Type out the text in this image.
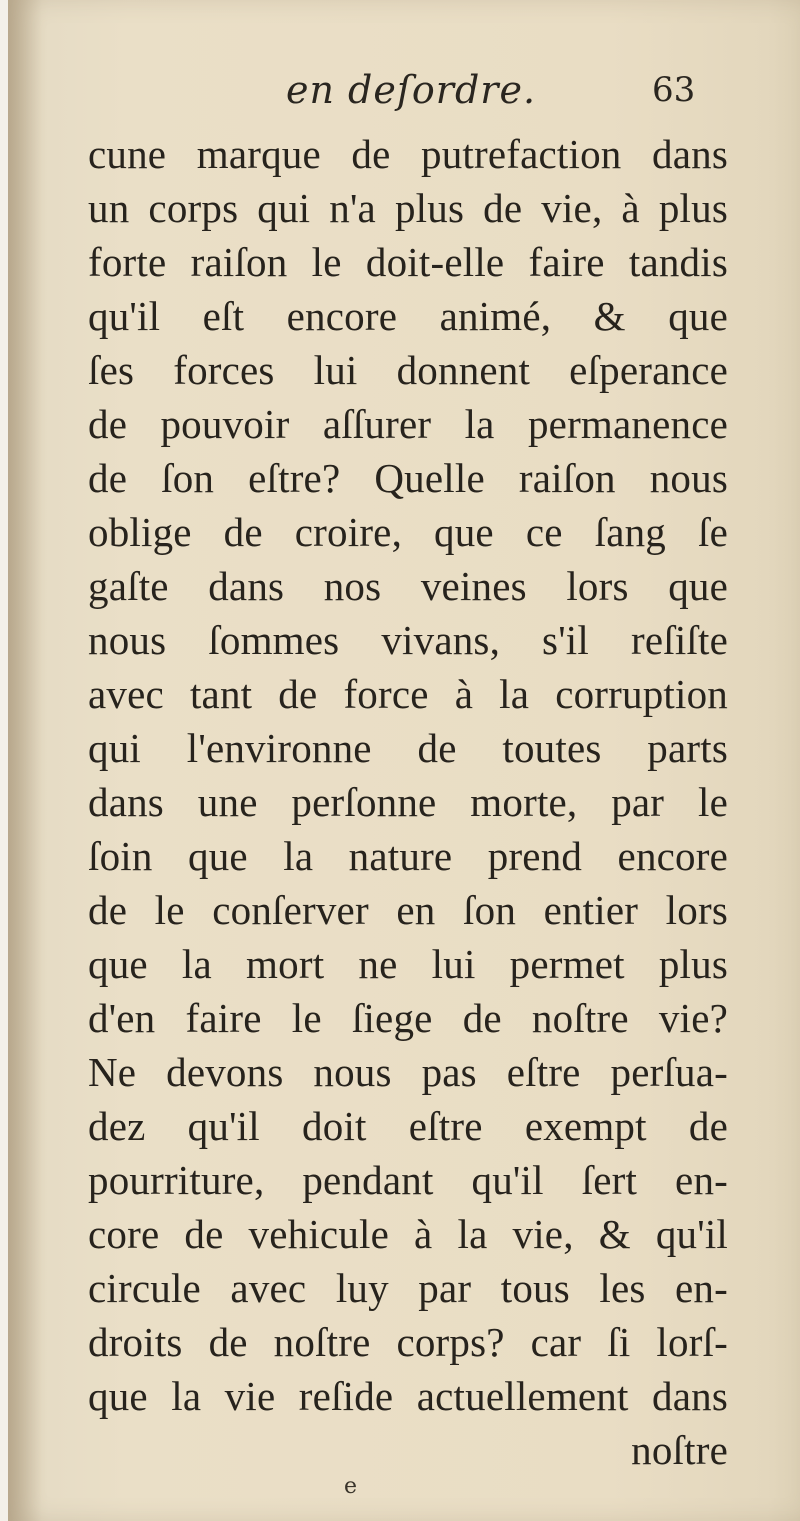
en deſordre.	63
cune marque de putrefaction dans
un corps qui n'a plus de vie, à plus
forte raiſon le doit-elle faire tandis
qu'il eſt encore animé, & que
ſes forces lui donnent eſperance
de pouvoir aſſurer la permanence
de ſon eſtre? Quelle raiſon nous
oblige de croire, que ce ſang ſe
gaſte dans nos veines lors que
nous ſommes vivans, s'il reſiſte
avec tant de force à la corruption
qui l'environne de toutes parts
dans une perſonne morte, par le
ſoin que la nature prend encore
de le conſerver en ſon entier lors
que la mort ne lui permet plus
d'en faire le ſiege de noſtre vie?
Ne devons nous pas eſtre perſua-
dez qu'il doit eſtre exempt de
pourriture, pendant qu'il ſert en-
core de vehicule à la vie, & qu'il
circule avec luy par tous les en-
droits de noſtre corps? car ſi lorſ-
que la vie reſide actuellement dans
noſtre
e
